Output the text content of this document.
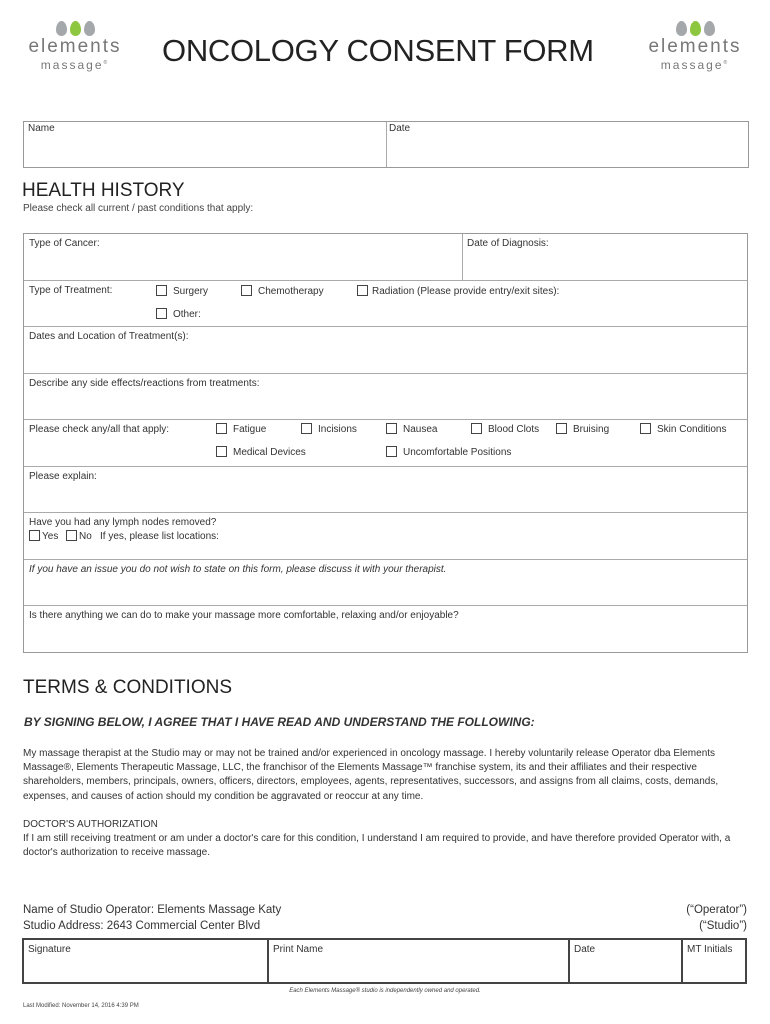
elements
massage®	ONCOLOGY CONSENT FORM	elements
massage®
Name	Date
HEALTH HISTORY
Please check all current / past conditions that apply:
Type of Cancer:	Date of Diagnosis:
Type of Treatment:	Surgery	Chemotherapy	Radiation (Please provide entry/exit sites):
Other:
Dates and Location of Treatment(s):
Describe any side effects/reactions from treatments:
Please check any/all that apply:	Fatigue	Incisions	Nausea	Blood Clots	Bruising	Skin Conditions
Medical Devices	Uncomfortable Positions
Please explain:
Have you had any lymph nodes removed?
Yes No If yes, please list locations:
If you have an issue you do not wish to state on this form, please discuss it with your therapist.
Is there anything we can do to make your massage more comfortable, relaxing and/or enjoyable?
TERMS & CONDITIONS
BY SIGNING BELOW, I AGREE THAT I HAVE READ AND UNDERSTAND THE FOLLOWING:
My massage therapist at the Studio may or may not be trained and/or experienced in oncology massage. I hereby voluntarily release Operator dba Elements Massage®, Elements Therapeutic Massage, LLC, the franchisor of the Elements Massage™ franchise system, its and their affiliates and their respective shareholders, members, principals, owners, officers, directors, employees, agents, representatives, successors, and assigns from all claims, costs, demands, expenses, and causes of action should my condition be aggravated or reoccur at any time.
DOCTOR'S AUTHORIZATION
If I am still receiving treatment or am under a doctor's care for this condition, I understand I am required to provide, and have therefore provided Operator with, a doctor's authorization to receive massage.
Name of Studio Operator: Elements Massage Katy
Studio Address: 2643 Commercial Center Blvd
(“Operator”)
(“Studio”)
Signature	Print Name	Date	MT Initials
Each Elements Massage® studio is independently owned and operated.
Last Modified: November 14, 2016 4:39 PM
